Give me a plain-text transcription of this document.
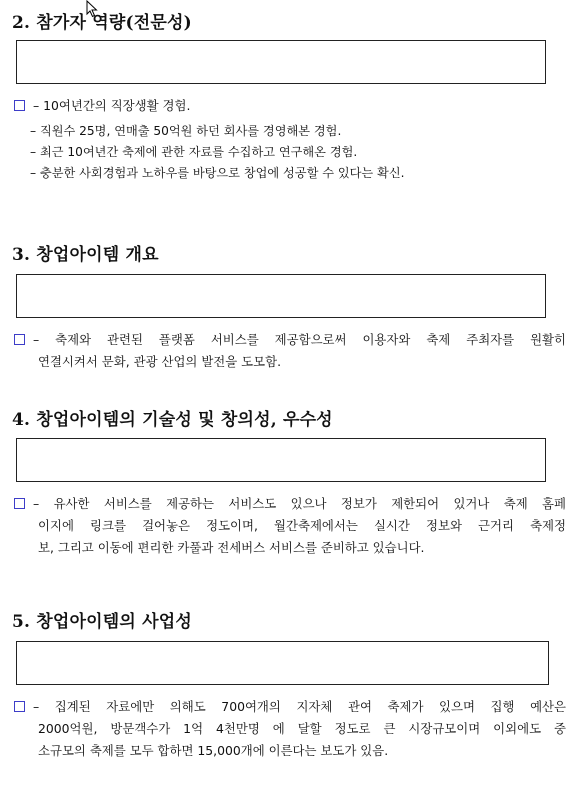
2. 참가자 역량(전문성)
– 10여년간의 직장생활 경험.
– 직원수 25명, 연매출 50억원 하던 회사를 경영해본 경험.
– 최근 10여년간 축제에 관한 자료를 수집하고 연구해온 경험.
– 충분한 사회경험과 노하우를 바탕으로 창업에 성공할 수 있다는 확신.
3. 창업아이템 개요
– 축제와 관련된 플랫폼 서비스를 제공함으로써 이용자와 축제 주최자를 원활히
연결시켜서 문화, 관광 산업의 발전을 도모함.
4. 창업아이템의 기술성 및 창의성, 우수성
– 유사한 서비스를 제공하는 서비스도 있으나 정보가 제한되어 있거나 축제 홈페
이지에 링크를 걸어놓은 정도이며, 월간축제에서는 실시간 정보와 근거리 축제정
보, 그리고 이동에 편리한 카풀과 전세버스 서비스를 준비하고 있습니다.
5. 창업아이템의 사업성
– 집계된 자료에만 의해도 700여개의 지자체 관여 축제가 있으며 집행 예산은
2000억원, 방문객수가 1억 4천만명 에 달할 정도로 큰 시장규모이며 이외에도 중
소규모의 축제를 모두 합하면 15,000개에 이른다는 보도가 있음.
